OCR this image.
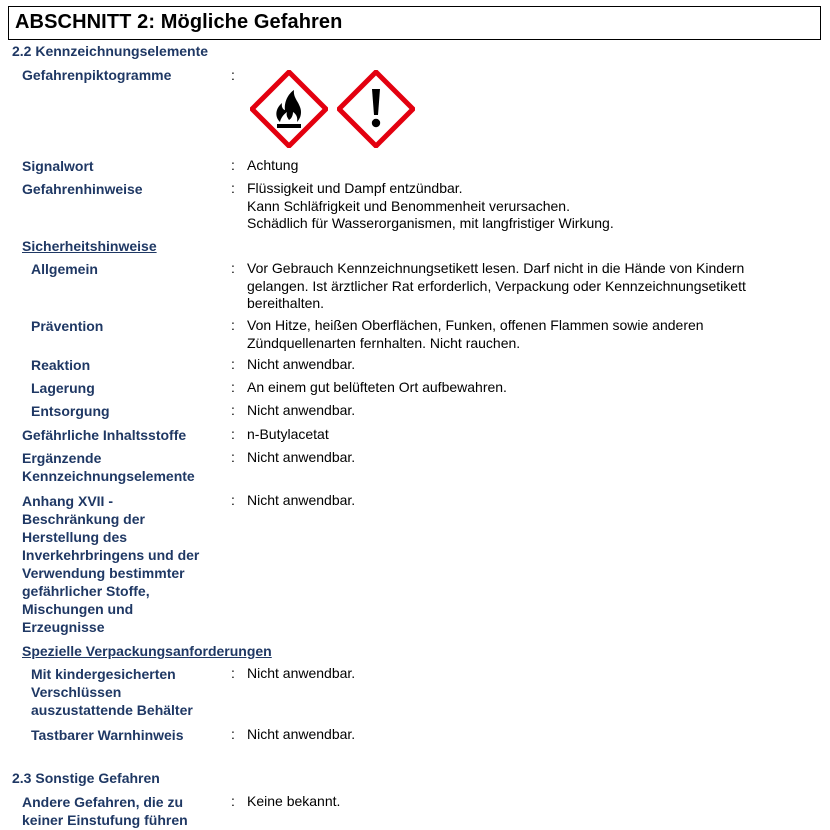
ABSCHNITT 2: Mögliche Gefahren
2.2 Kennzeichnungselemente
Gefahrenpiktogramme	:
Signalwort	: Achtung
Gefahrenhinweise	: Flüssigkeit und Dampf entzündbar.
Kann Schläfrigkeit und Benommenheit verursachen.
Schädlich für Wasserorganismen, mit langfristiger Wirkung.
Sicherheitshinweise
Allgemein	: Vor Gebrauch Kennzeichnungsetikett lesen. Darf nicht in die Hände von Kindern
gelangen. Ist ärztlicher Rat erforderlich, Verpackung oder Kennzeichnungsetikett
bereithalten.
Prävention	: Von Hitze, heißen Oberflächen, Funken, offenen Flammen sowie anderen
Zündquellenarten fernhalten. Nicht rauchen.
Reaktion	: Nicht anwendbar.
Lagerung	: An einem gut belüfteten Ort aufbewahren.
Entsorgung	: Nicht anwendbar.
Gefährliche Inhaltsstoffe	: n-Butylacetat
Ergänzende
Kennzeichnungselemente
: Nicht anwendbar.
Anhang XVII -
Beschränkung der
Herstellung des
Inverkehrbringens und der
Verwendung bestimmter
gefährlicher Stoffe,
Mischungen und
Erzeugnisse
: Nicht anwendbar.
Spezielle Verpackungsanforderungen
Mit kindergesicherten
Verschlüssen
auszustattende Behälter
: Nicht anwendbar.
Tastbarer Warnhinweis	: Nicht anwendbar.
2.3 Sonstige Gefahren
Andere Gefahren, die zu
keiner Einstufung führen
: Keine bekannt.
